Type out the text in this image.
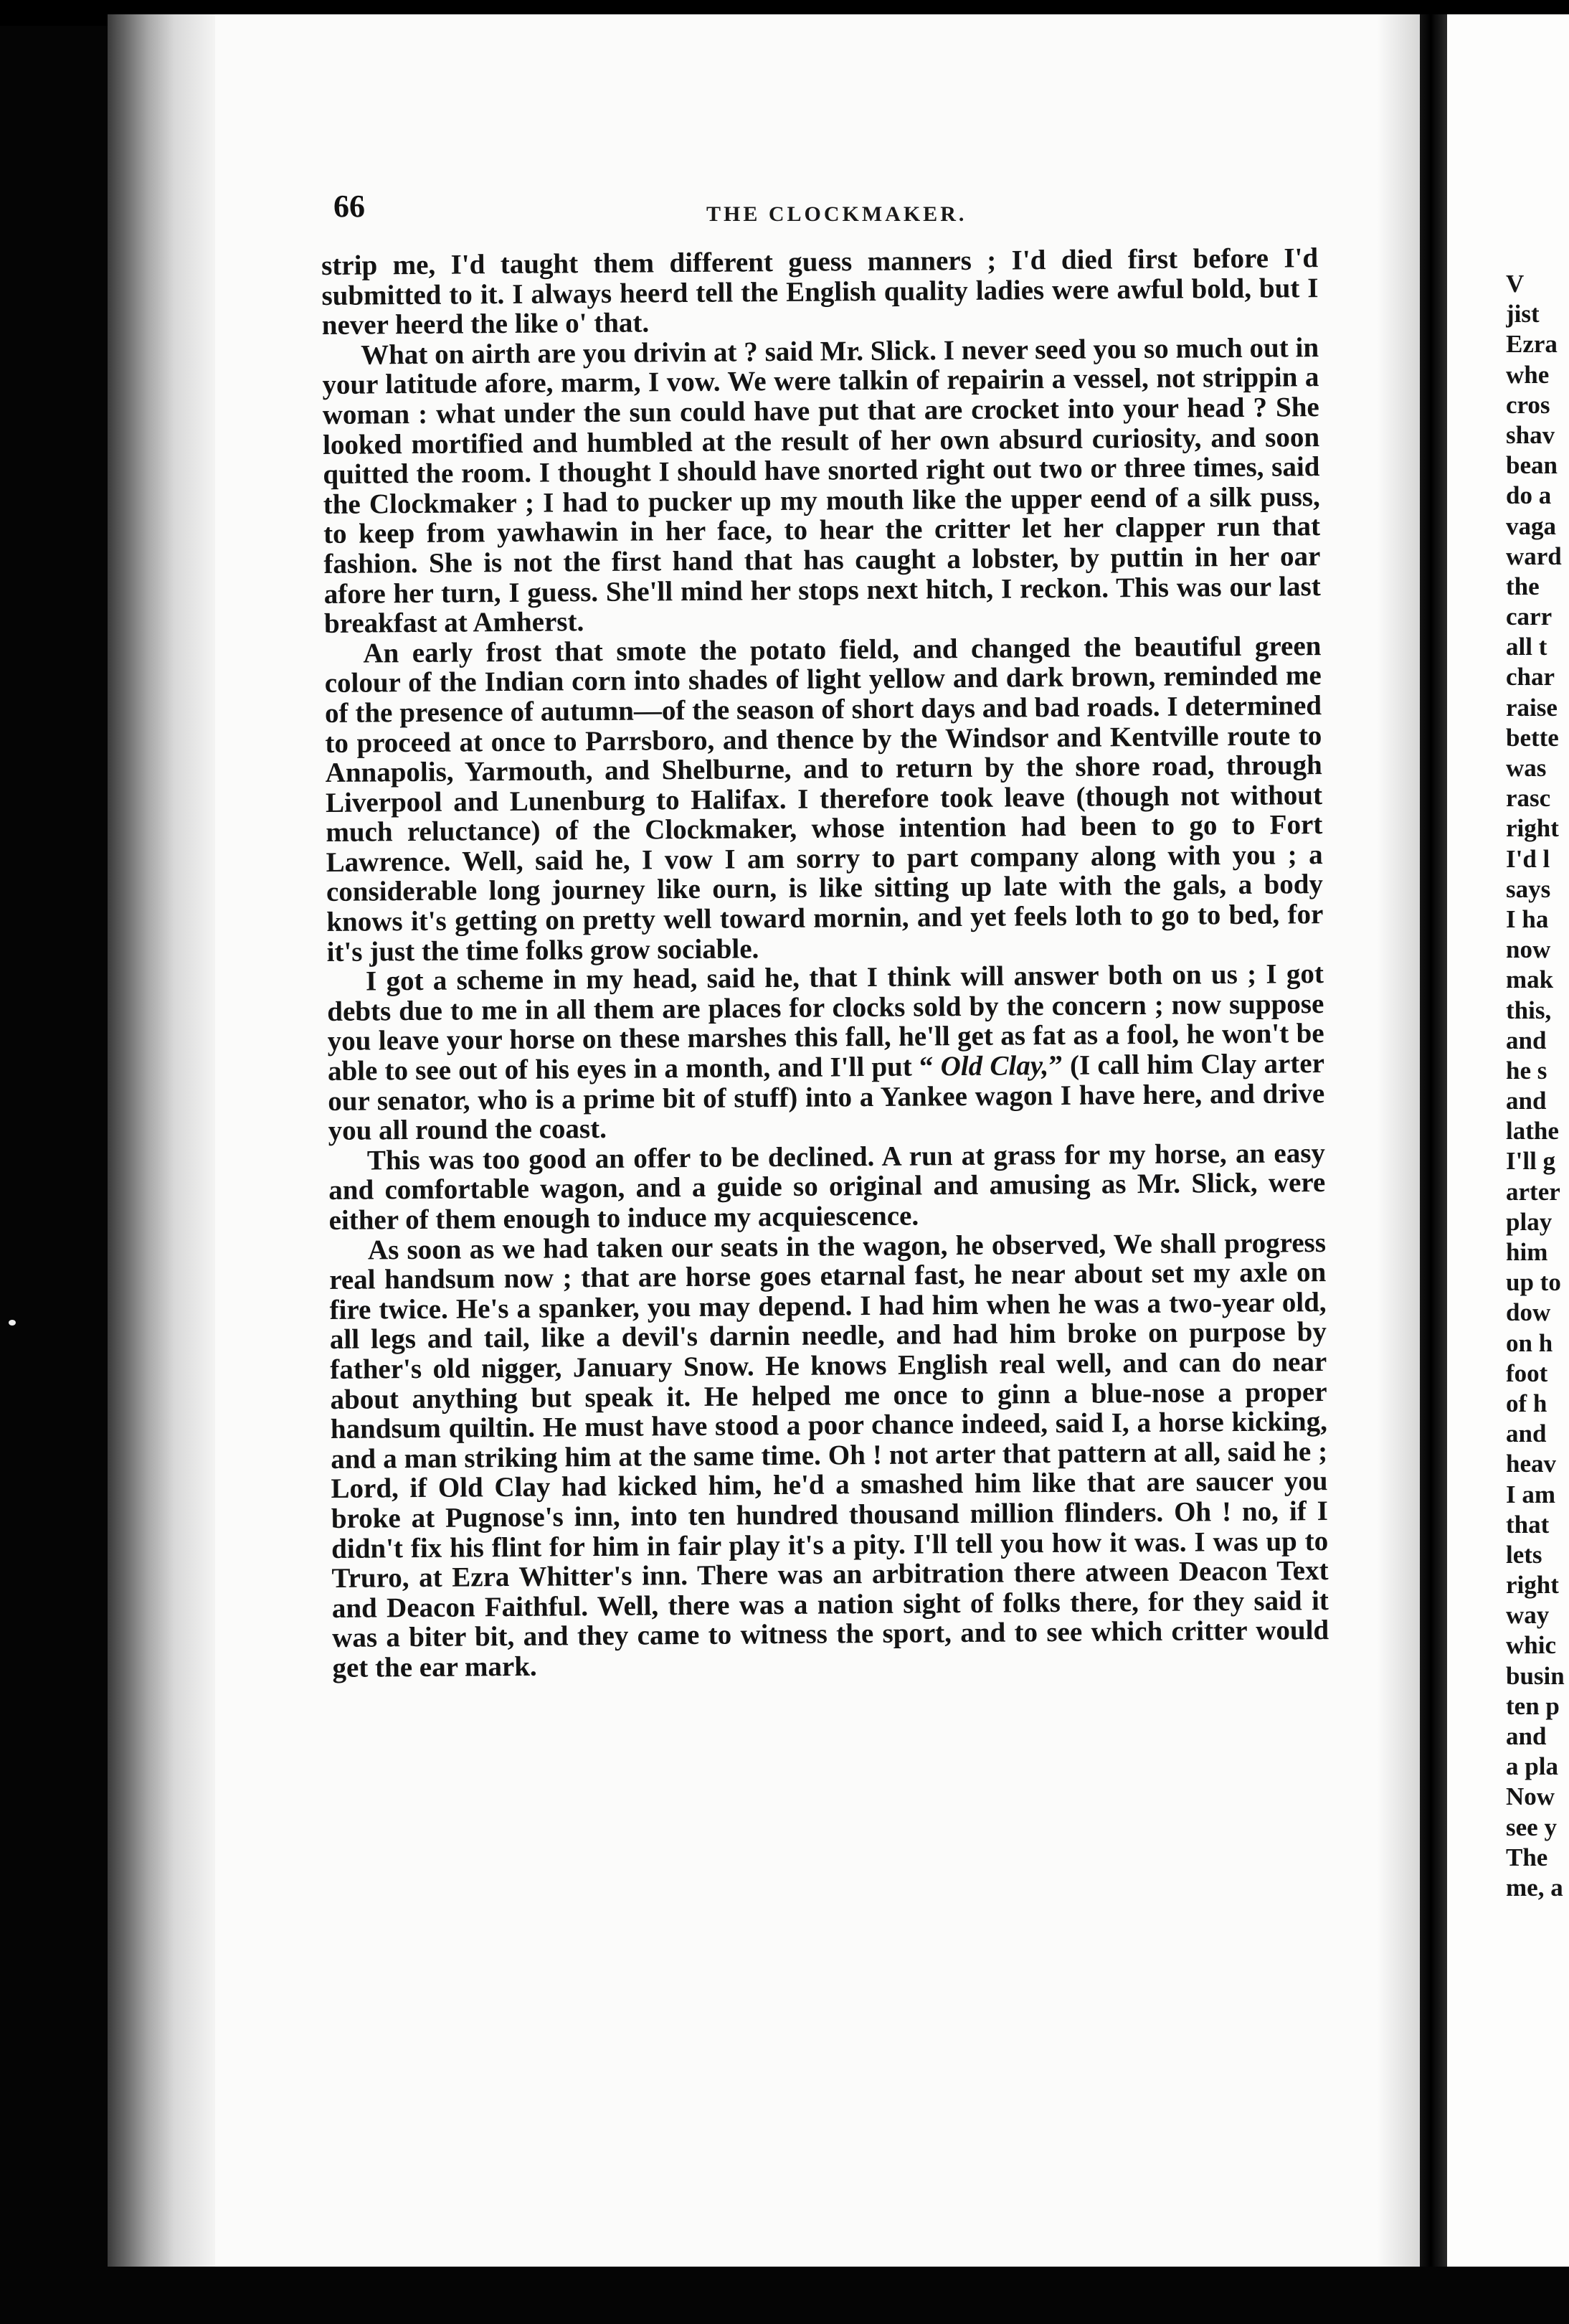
66	THE CLOCKMAKER.

strip me, I'd taught them different guess manners ; I'd died first before I'd submitted to it. I always heerd tell the English quality ladies were awful bold, but I never heerd the like o' that.

What on airth are you drivin at ? said Mr. Slick. I never seed you so much out in your latitude afore, marm, I vow. We were talkin of repairin a vessel, not strippin a woman : what under the sun could have put that are crocket into your head ? She looked mortified and humbled at the result of her own absurd curiosity, and soon quitted the room. I thought I should have snorted right out two or three times, said the Clockmaker ; I had to pucker up my mouth like the upper eend of a silk puss, to keep from yawhawin in her face, to hear the critter let her clapper run that fashion. She is not the first hand that has caught a lobster, by puttin in her oar afore her turn, I guess. She'll mind her stops next hitch, I reckon. This was our last breakfast at Amherst.

An early frost that smote the potato field, and changed the beautiful green colour of the Indian corn into shades of light yellow and dark brown, reminded me of the presence of autumn—of the season of short days and bad roads. I determined to proceed at once to Parrsboro, and thence by the Windsor and Kentville route to Annapolis, Yarmouth, and Shelburne, and to return by the shore road, through Liverpool and Lunenburg to Halifax. I therefore took leave (though not without much reluctance) of the Clockmaker, whose intention had been to go to Fort Lawrence. Well, said he, I vow I am sorry to part company along with you ; a considerable long journey like ourn, is like sitting up late with the gals, a body knows it's getting on pretty well toward mornin, and yet feels loth to go to bed, for it's just the time folks grow sociable.

I got a scheme in my head, said he, that I think will answer both on us ; I got debts due to me in all them are places for clocks sold by the concern ; now suppose you leave your horse on these marshes this fall, he'll get as fat as a fool, he won't be able to see out of his eyes in a month, and I'll put “ Old Clay,” (I call him Clay arter our senator, who is a prime bit of stuff) into a Yankee wagon I have here, and drive you all round the coast.

This was too good an offer to be declined. A run at grass for my horse, an easy and comfortable wagon, and a guide so original and amusing as Mr. Slick, were either of them enough to induce my acquiescence.

As soon as we had taken our seats in the wagon, he observed, We shall progress real handsum now ; that are horse goes etarnal fast, he near about set my axle on fire twice. He's a spanker, you may depend. I had him when he was a two-year old, all legs and tail, like a devil's darnin needle, and had him broke on purpose by father's old nigger, January Snow. He knows English real well, and can do near about anything but speak it. He helped me once to ginn a blue-nose a proper handsum quiltin. He must have stood a poor chance indeed, said I, a horse kicking, and a man striking him at the same time. Oh ! not arter that pattern at all, said he ; Lord, if Old Clay had kicked him, he'd a smashed him like that are saucer you broke at Pugnose's inn, into ten hundred thousand million flinders. Oh ! no, if I didn't fix his flint for him in fair play it's a pity. I'll tell you how it was. I was up to Truro, at Ezra Whitter's inn. There was an arbitration there atween Deacon Text and Deacon Faithful. Well, there was a nation sight of folks there, for they said it was a biter bit, and they came to witness the sport, and to see which critter would get the ear mark.

V
jist
Ezra
whe
cros
shav
bean
do a
vaga
ward
the
carr
all t
char
raise
bette
was
rasc
right
I'd l
says
I ha
now
mak
this,
and
he s
and
lathe
I'll g
arter
play
him
up to
dow
on h
foot
of h
and
heav
I am
that
lets
right
way
whic
busin
ten p
and
a pla
Now
see y
The
me, a
